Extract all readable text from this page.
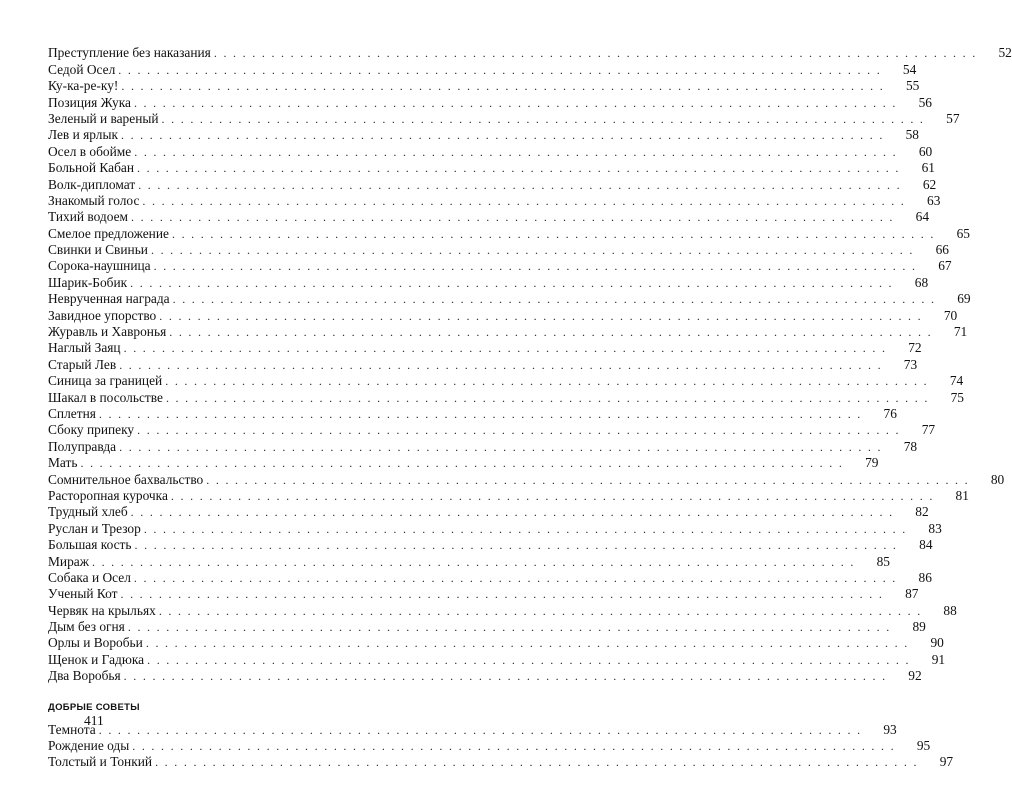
Преступление без наказания ................................................................................	52
Седой Осел ................................................................................	54
Ку-ка-ре-ку! ................................................................................	55
Позиция Жука ................................................................................	56
Зеленый и вареный ................................................................................	57
Лев и ярлык ................................................................................	58
Осел в обойме ................................................................................	60
Больной Кабан ................................................................................	61
Волк-дипломат ................................................................................	62
Знакомый голос ................................................................................	63
Тихий водоем ................................................................................	64
Смелое предложение ................................................................................	65
Свинки и Свиньи ................................................................................	66
Сорока-наушница ................................................................................	67
Шарик-Бобик ................................................................................	68
Неврученная награда ................................................................................	69
Завидное упорство ................................................................................	70
Журавль и Хавронья ................................................................................	71
Наглый Заяц ................................................................................	72
Старый Лев ................................................................................	73
Синица за границей ................................................................................	74
Шакал в посольстве ................................................................................	75
Сплетня ................................................................................	76
Сбоку припеку ................................................................................	77
Полуправда ................................................................................	78
Мать ................................................................................	79
Сомнительное бахвальство ................................................................................	80
Расторопная курочка ................................................................................	81
Трудный хлеб ................................................................................	82
Руслан и Трезор ................................................................................	83
Большая кость ................................................................................	84
Мираж ................................................................................	85
Собака и Осел ................................................................................	86
Ученый Кот ................................................................................	87
Червяк на крыльях ................................................................................	88
Дым без огня ................................................................................	89
Орлы и Воробьи ................................................................................	90
Щенок и Гадюка ................................................................................	91
Два Воробья ................................................................................	92
ДОБРЫЕ СОВЕТЫ
Темнота ................................................................................	93
Рождение оды ................................................................................	95
Толстый и Тонкий ................................................................................	97
411
